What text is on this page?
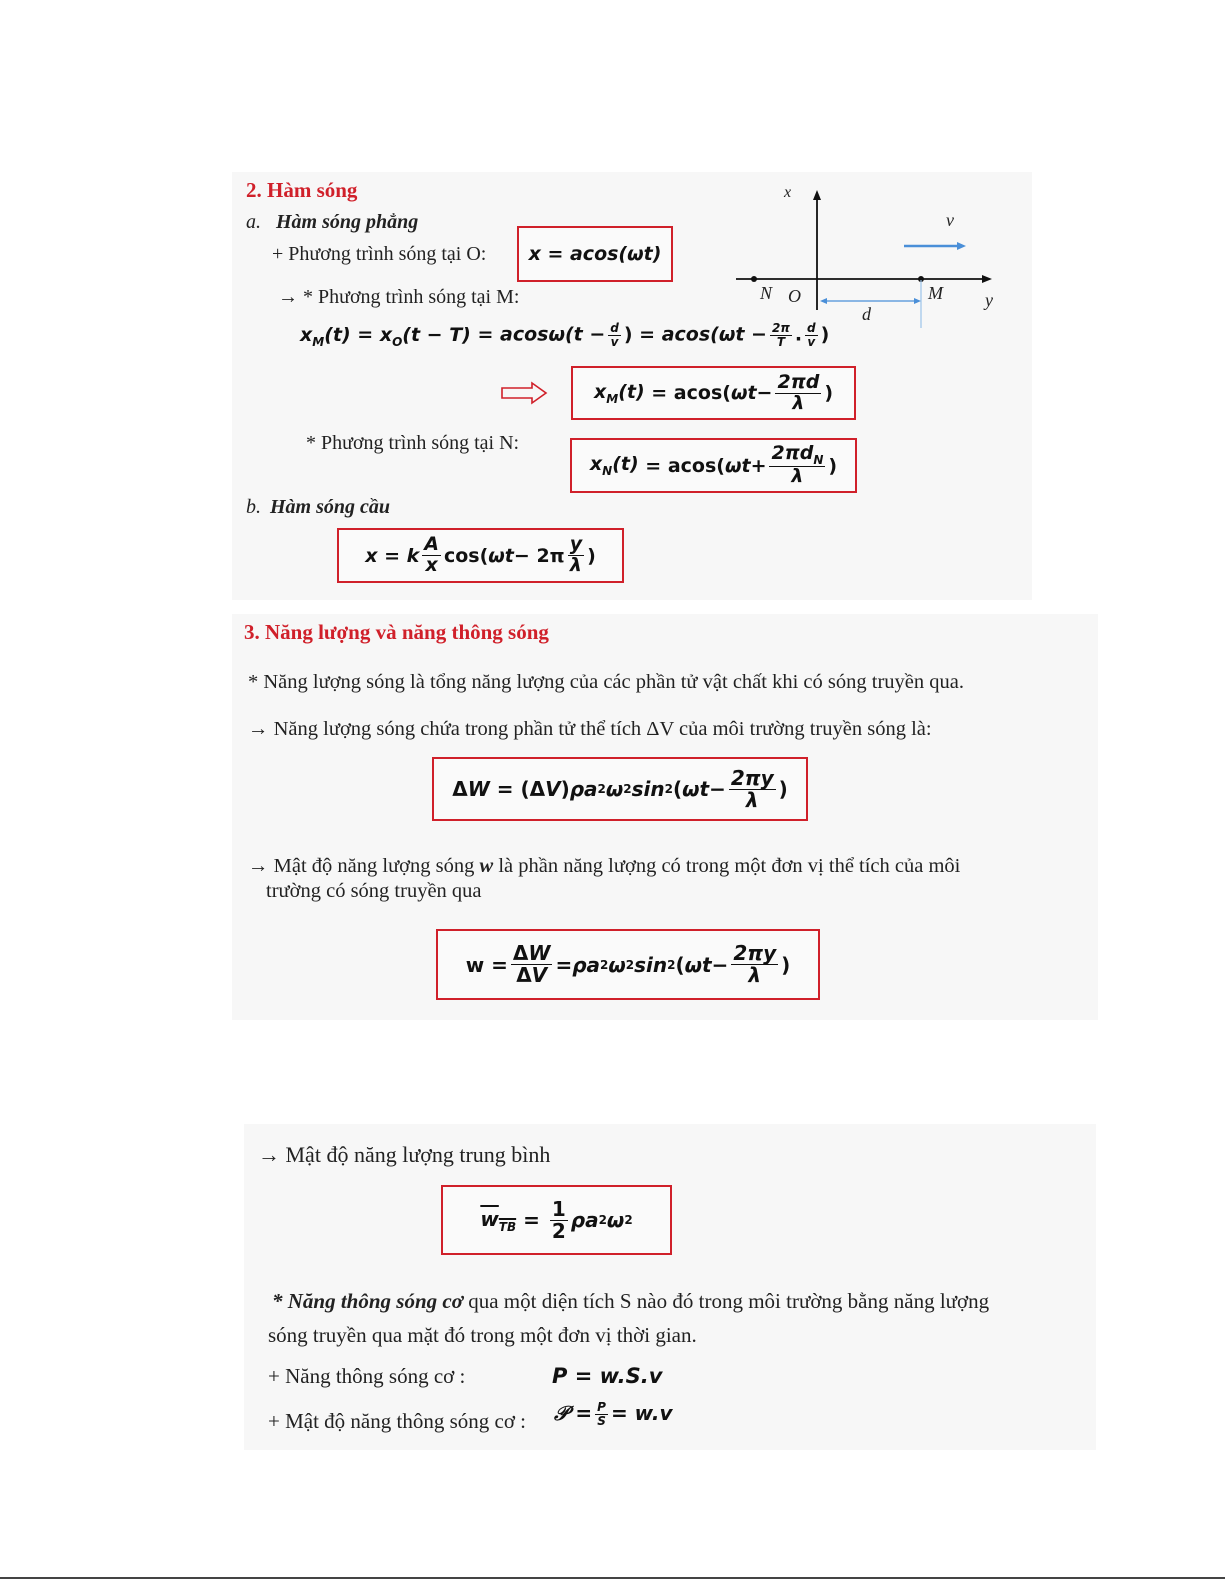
2. Hàm sóng
a. Hàm sóng phẳng
+ Phương trình sóng tại O:	x = acos(ωt)
→ * Phương trình sóng tại M:
$x_M(t) = x_O(t - T) = acos\omega(t - \frac{d}{v}$ ) = $acos(\omega t - \frac{2\pi}{T}$ . $\frac{d}{v}$ )
$x_M(t) = acos$( $\omega t - \frac{2\pi d}{\lambda}$ )
* Phương trình sóng tại N:
$x_N(t) = acos$( $\omega t + \frac{2\pi d_N}{\lambda}$ )
b. Hàm sóng cầu
x = k $\frac{A}{x} \cos$( $\omega t - 2\pi \frac{y}{\lambda}$ )
x
v⃗
N O	M y
d
3. Năng lượng và năng thông sóng
* Năng lượng sóng là tổng năng lượng của các phần tử vật chất khi có sóng truyền qua.
→ Năng lượng sóng chứa trong phần tử thể tích ΔV của môi trường truyền sóng là:
Δ W = (Δ V ) ρa 2 ω 2 sin 2 ( $\omega t - \frac{2\pi y}{\lambda}$ )
→ Mật độ năng lượng sóng w là phần năng lượng có trong một đơn vị thể tích của môi
trường có sóng truyền qua
$w = \frac{\Delta W}{\Delta V} = \rho a$ 2 ω 2 sin 2 ( $\omega t - \frac{2\pi y}{\lambda}$ )
→ Mật độ năng lượng trung bình
$w_{TB} = \frac{1}{2}$ ρa 2 ω 2
* Năng thông sóng cơ qua một diện tích S nào đó trong môi trường bằng năng lượng
sóng truyền qua mặt đó trong một đơn vị thời gian.
+ Năng thông sóng cơ :	P = w.S.v
+ Mật độ năng thông sóng cơ : 𝒫 = $\frac{P}{S} = w.v$
